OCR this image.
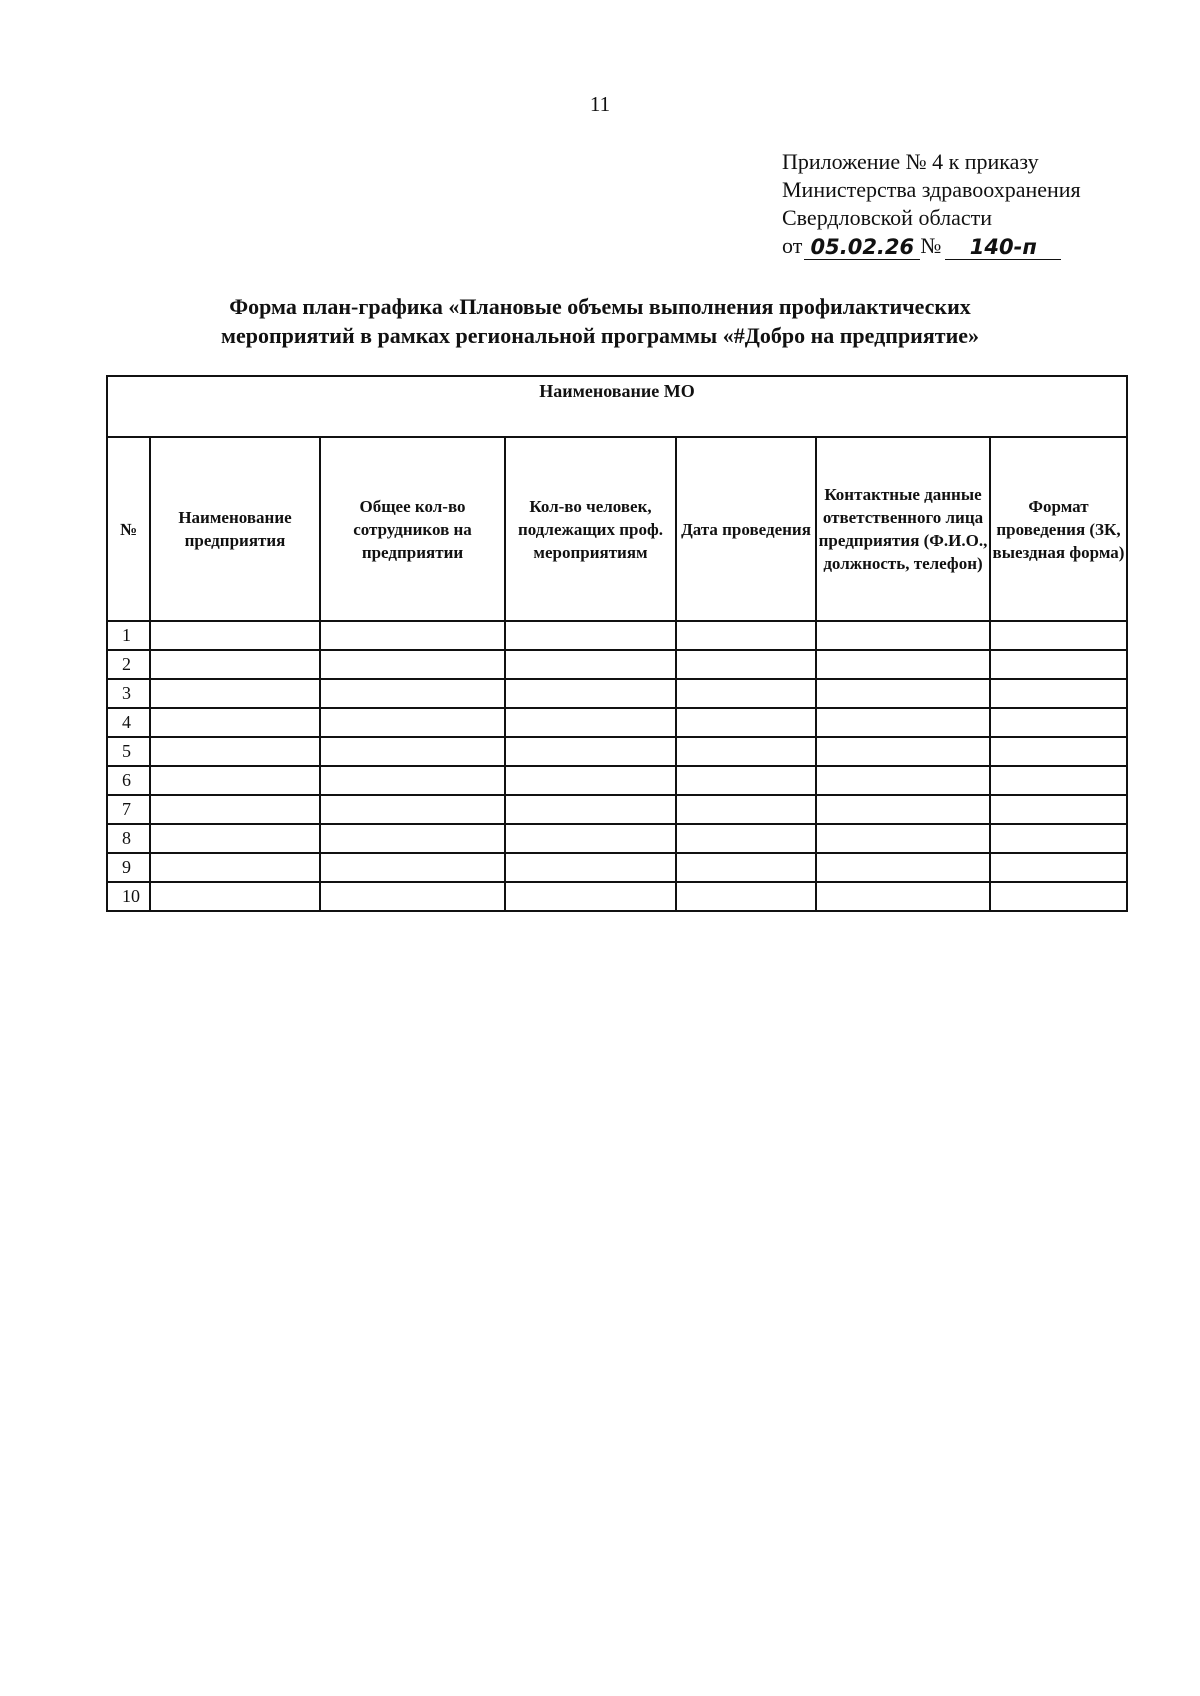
11
Приложение № 4 к приказу
Министерства здравоохранения
Свердловской области
от 05.02.26 №	140-п
Форма план-графика «Плановые объемы выполнения профилактических
мероприятий в рамках региональной программы «#Добро на предприятие»
Наименование МО						
№	Наименование предприятия	Общее кол-во сотрудников на предприятии	Кол-во человек, подлежащих проф. мероприятиям	Дата проведения	Контактные данные ответственного лица предприятия (Ф.И.О., должность, телефон)	Формат проведения (ЗК, выездная форма)
1						
2						
3						
4						
5						
6						
7						
8						
9						
10						
